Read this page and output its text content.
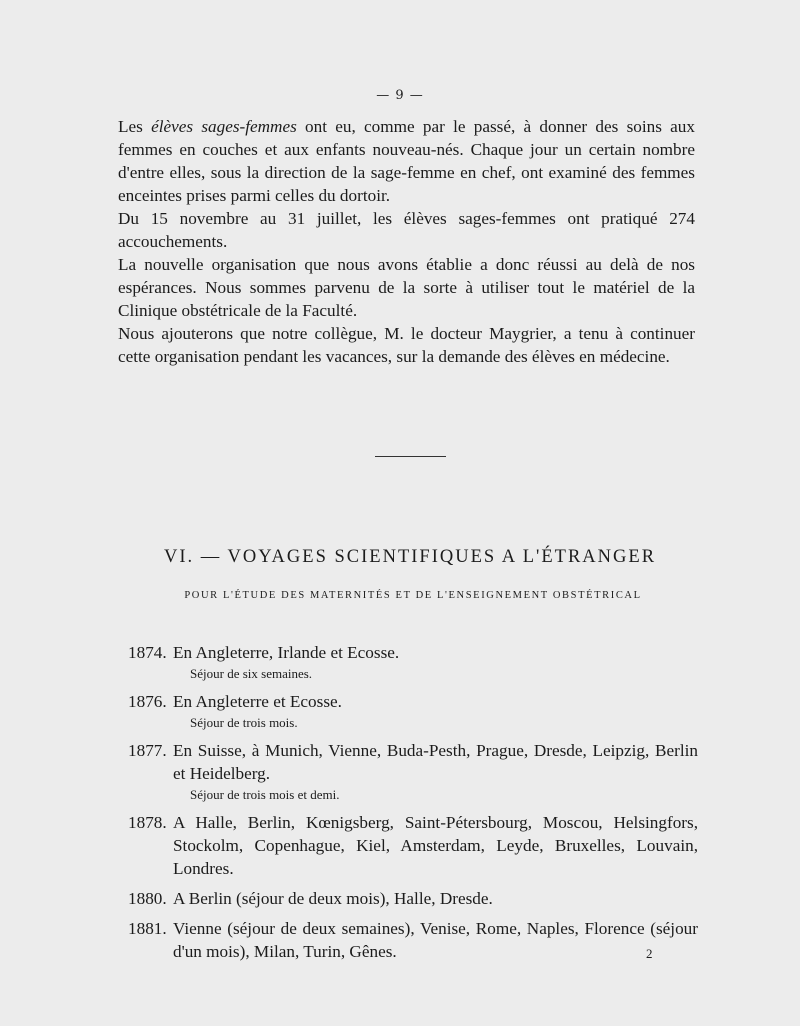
— 9 —

Les élèves sages-femmes ont eu, comme par le passé, à donner des soins aux femmes en couches et aux enfants nouveau-nés. Chaque jour un certain nombre d'entre elles, sous la direction de la sage-femme en chef, ont examiné des femmes enceintes prises parmi celles du dortoir.

Du 15 novembre au 31 juillet, les élèves sages-femmes ont pratiqué 274 accouchements.

La nouvelle organisation que nous avons établie a donc réussi au delà de nos espérances. Nous sommes parvenu de la sorte à utiliser tout le matériel de la Clinique obstétricale de la Faculté.

Nous ajouterons que notre collègue, M. le docteur Maygrier, a tenu à continuer cette organisation pendant les vacances, sur la demande des élèves en médecine.

VI. — VOYAGES SCIENTIFIQUES A L'ÉTRANGER
POUR L'ÉTUDE DES MATERNITÉS ET DE L'ENSEIGNEMENT OBSTÉTRICAL
1874. En Angleterre, Irlande et Ecosse.
Séjour de six semaines.
1876. En Angleterre et Ecosse.
Séjour de trois mois.
1877. En Suisse, à Munich, Vienne, Buda-Pesth, Prague, Dresde, Leipzig, Berlin et Heidelberg.
Séjour de trois mois et demi.
1878. A Halle, Berlin, Kœnigsberg, Saint-Pétersbourg, Moscou, Helsingfors, Stockolm, Copenhague, Kiel, Amsterdam, Leyde, Bruxelles, Louvain, Londres.
1880. A Berlin (séjour de deux mois), Halle, Dresde.
1881. Vienne (séjour de deux semaines), Venise, Rome, Naples, Florence (séjour d'un mois), Milan, Turin, Gênes.	2
